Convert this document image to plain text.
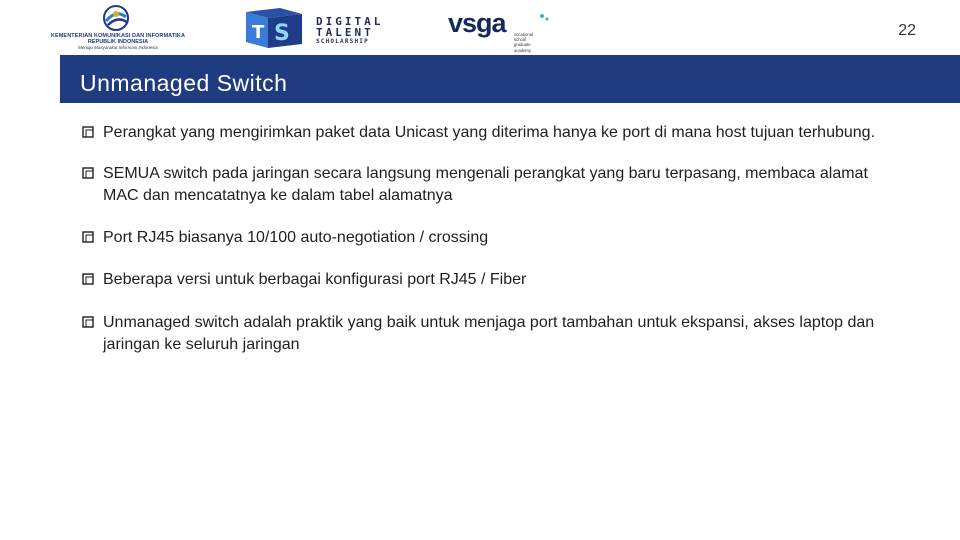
KEMENTERIAN KOMUNIKASI DAN INFORMATIKA
REPUBLIK INDONESIA
Menuju Masyarakat Informasi Indonesia
S
T
DIGITAL
TALENT
SCHOLARSHIP
vsga vocational
school
graduate
academy
22
Unmanaged Switch
Perangkat yang mengirimkan paket data Unicast yang diterima hanya ke port di mana host tujuan terhubung.
SEMUA switch pada jaringan secara langsung mengenali perangkat yang baru terpasang, membaca alamat MAC dan mencatatnya ke dalam tabel alamatnya
Port RJ45 biasanya 10/100 auto-negotiation / crossing
Beberapa versi untuk berbagai konfigurasi port RJ45 / Fiber
Unmanaged switch adalah praktik yang baik untuk menjaga port tambahan untuk ekspansi, akses laptop dan jaringan ke seluruh jaringan
